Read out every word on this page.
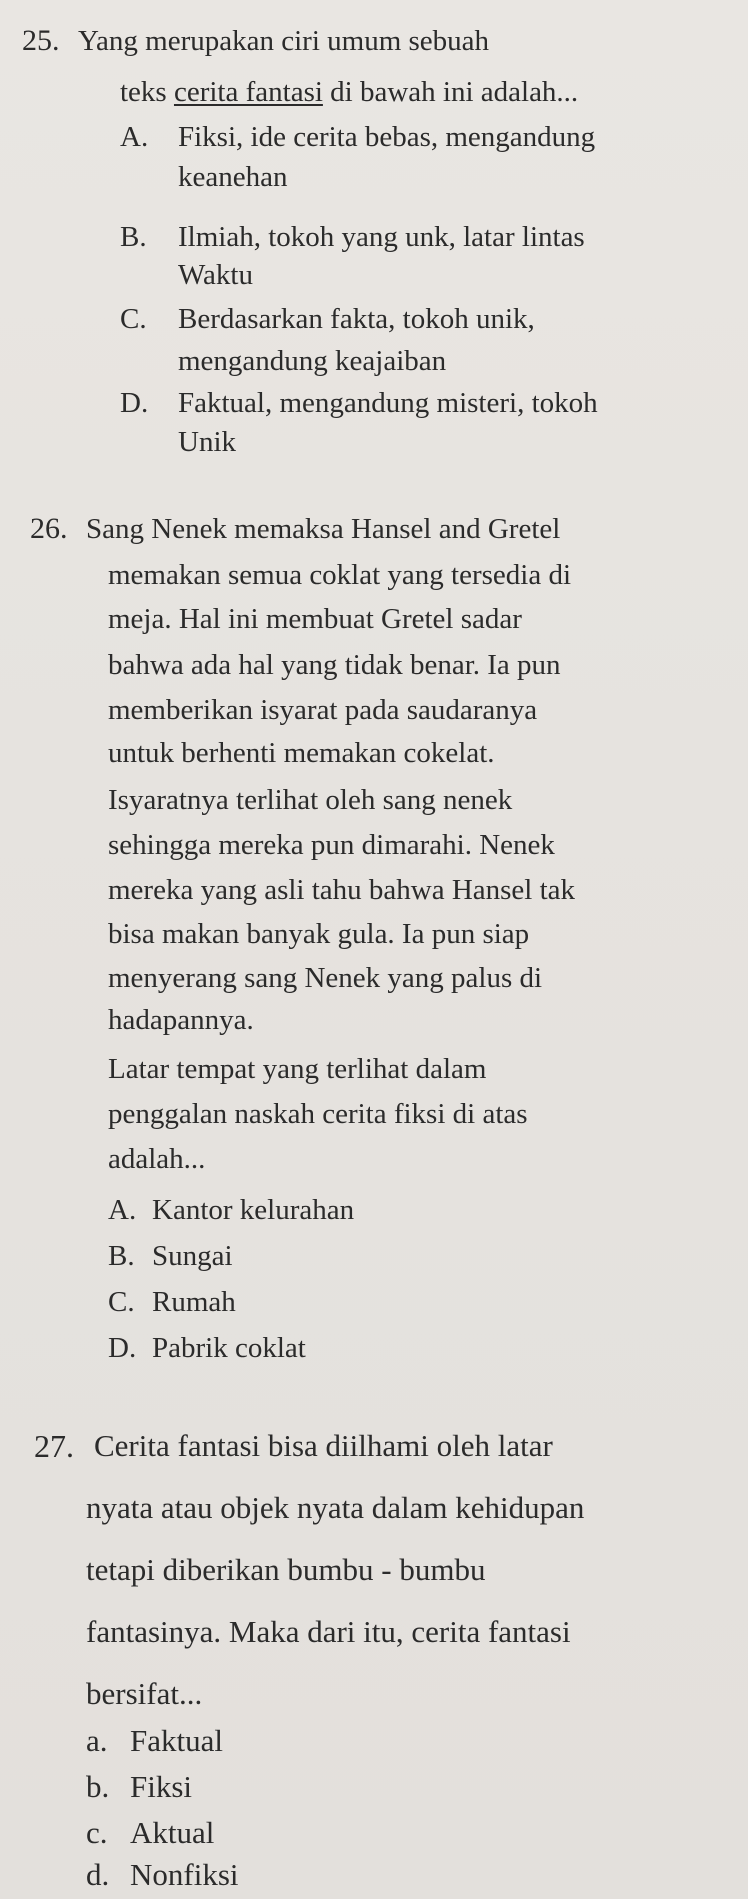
25. Yang merupakan ciri umum sebuah
teks cerita fantasi di bawah ini adalah...
A. Fiksi, ide cerita bebas, mengandung
keanehan
B. Ilmiah, tokoh yang unk, latar lintas
Waktu
C. Berdasarkan fakta, tokoh unik,
mengandung keajaiban
D. Faktual, mengandung misteri, tokoh
Unik
26. Sang Nenek memaksa Hansel and Gretel
memakan semua coklat yang tersedia di
meja. Hal ini membuat Gretel sadar
bahwa ada hal yang tidak benar. Ia pun
memberikan isyarat pada saudaranya
untuk berhenti memakan cokelat.
Isyaratnya terlihat oleh sang nenek
sehingga mereka pun dimarahi. Nenek
mereka yang asli tahu bahwa Hansel tak
bisa makan banyak gula. Ia pun siap
menyerang sang Nenek yang palus di
hadapannya.
Latar tempat yang terlihat dalam
penggalan naskah cerita fiksi di atas
adalah...
A. Kantor kelurahan
B. Sungai
C. Rumah
D. Pabrik coklat
27. Cerita fantasi bisa diilhami oleh latar
nyata atau objek nyata dalam kehidupan
tetapi diberikan bumbu - bumbu
fantasinya. Maka dari itu, cerita fantasi
bersifat...
a. Faktual
b. Fiksi
c. Aktual
d. Nonfiksi
